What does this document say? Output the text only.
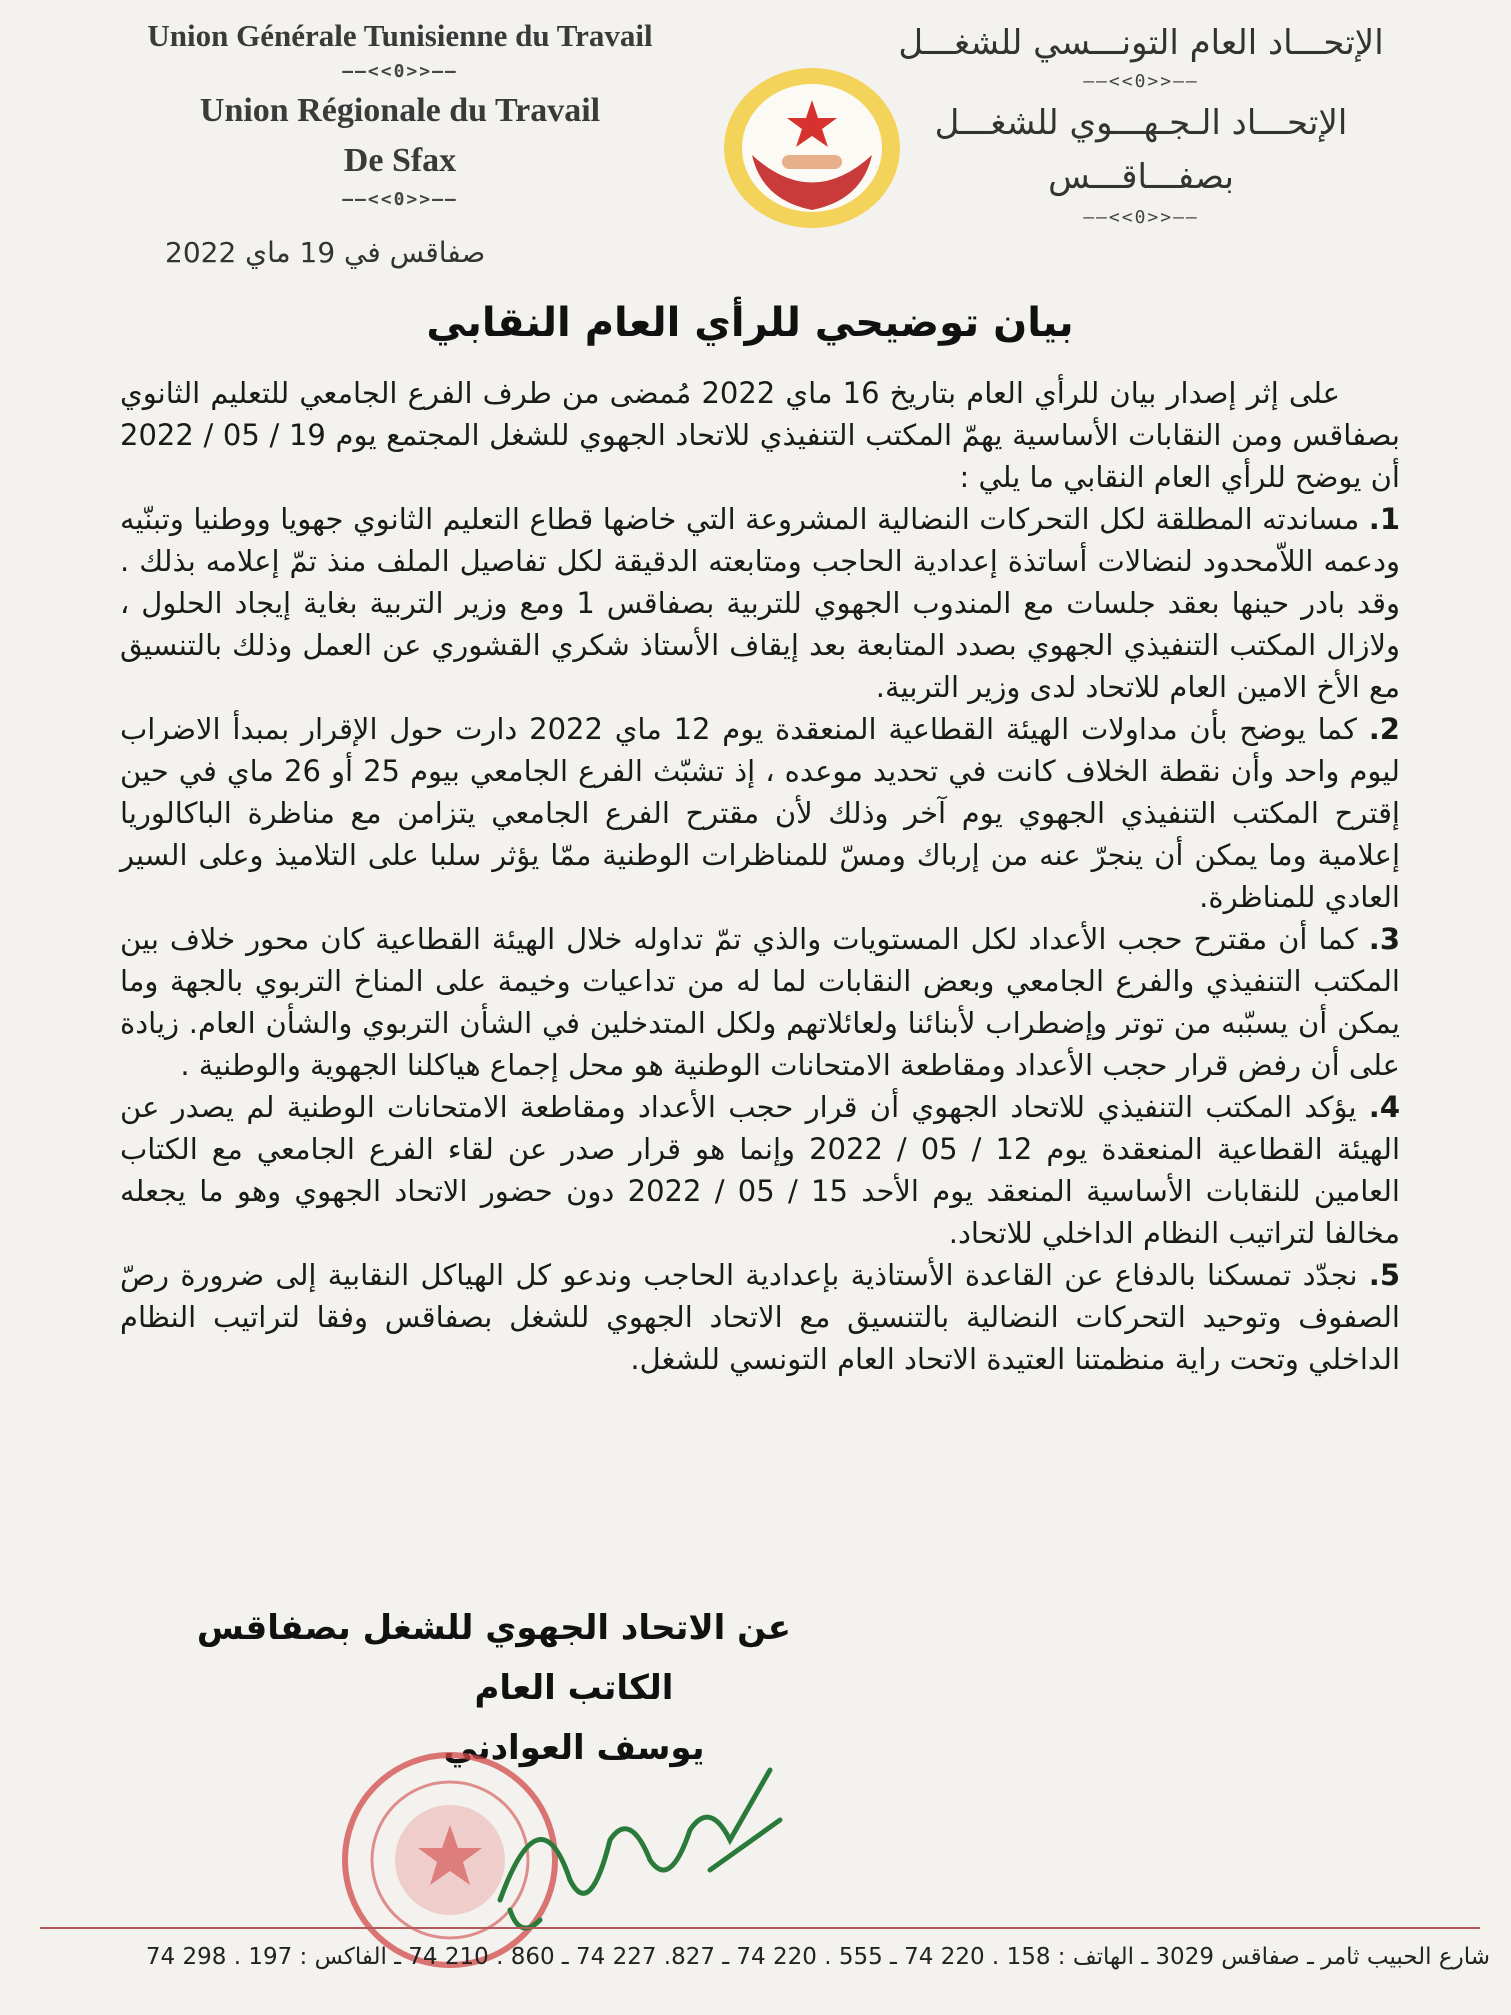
Union Générale Tunisienne du Travail
——<<0>>——
Union Régionale du Travail
De Sfax
——<<0>>——
الإتحـــاد العام التونـــسي للشغـــل
——<<0>>——
الإتحـــاد الـجـهـــوي للشغـــل
بصفـــاقـــس
——<<0>>——
صفاقس في 19 ماي 2022
بيان توضيحي للرأي العام النقابي

على إثر إصدار بيان للرأي العام بتاريخ 16 ماي 2022 مُمضى من طرف الفرع الجامعي للتعليم الثانوي بصفاقس ومن النقابات الأساسية يهمّ المكتب التنفيذي للاتحاد الجهوي للشغل المجتمع يوم 19 / 05 / 2022 أن يوضح للرأي العام النقابي ما يلي :

1. مساندته المطلقة لكل التحركات النضالية المشروعة التي خاضها قطاع التعليم الثانوي جهويا ووطنيا وتبنّيه ودعمه اللاّمحدود لنضالات أساتذة إعدادية الحاجب ومتابعته الدقيقة لكل تفاصيل الملف منذ تمّ إعلامه بذلك . وقد بادر حينها بعقد جلسات مع المندوب الجهوي للتربية بصفاقس 1 ومع وزير التربية بغاية إيجاد الحلول ، ولازال المكتب التنفيذي الجهوي بصدد المتابعة بعد إيقاف الأستاذ شكري القشوري عن العمل وذلك بالتنسيق مع الأخ الامين العام للاتحاد لدى وزير التربية.

2. كما يوضح بأن مداولات الهيئة القطاعية المنعقدة يوم 12 ماي 2022 دارت حول الإقرار بمبدأ الاضراب ليوم واحد وأن نقطة الخلاف كانت في تحديد موعده ، إذ تشبّث الفرع الجامعي بيوم 25 أو 26 ماي في حين إقترح المكتب التنفيذي الجهوي يوم آخر وذلك لأن مقترح الفرع الجامعي يتزامن مع مناظرة الباكالوريا إعلامية وما يمكن أن ينجرّ عنه من إرباك ومسّ للمناظرات الوطنية ممّا يؤثر سلبا على التلاميذ وعلى السير العادي للمناظرة.

3. كما أن مقترح حجب الأعداد لكل المستويات والذي تمّ تداوله خلال الهيئة القطاعية كان محور خلاف بين المكتب التنفيذي والفرع الجامعي وبعض النقابات لما له من تداعيات وخيمة على المناخ التربوي بالجهة وما يمكن أن يسبّبه من توتر وإضطراب لأبنائنا ولعائلاتهم ولكل المتدخلين في الشأن التربوي والشأن العام. زيادة على أن رفض قرار حجب الأعداد ومقاطعة الامتحانات الوطنية هو محل إجماع هياكلنا الجهوية والوطنية .

4. يؤكد المكتب التنفيذي للاتحاد الجهوي أن قرار حجب الأعداد ومقاطعة الامتحانات الوطنية لم يصدر عن الهيئة القطاعية المنعقدة يوم 12 / 05 / 2022 وإنما هو قرار صدر عن لقاء الفرع الجامعي مع الكتاب العامين للنقابات الأساسية المنعقد يوم الأحد 15 / 05 / 2022 دون حضور الاتحاد الجهوي وهو ما يجعله مخالفا لتراتيب النظام الداخلي للاتحاد.

5. نجدّد تمسكنا بالدفاع عن القاعدة الأستاذية بإعدادية الحاجب وندعو كل الهياكل النقابية إلى ضرورة رصّ الصفوف وتوحيد التحركات النضالية بالتنسيق مع الاتحاد الجهوي للشغل بصفاقس وفقا لتراتيب النظام الداخلي وتحت راية منظمتنا العتيدة الاتحاد العام التونسي للشغل.

عن الاتحاد الجهوي للشغل بصفاقس
الكاتب العام
يوسف العوادني
شارع الحبيب ثامر ـ صفاقس 3029 ـ الهاتف : 158 . 220 74 ـ 555 . 220 74 ـ 827. 227 74 ـ 860 . 210 74 ـ الفاكس : 197 . 298 74
